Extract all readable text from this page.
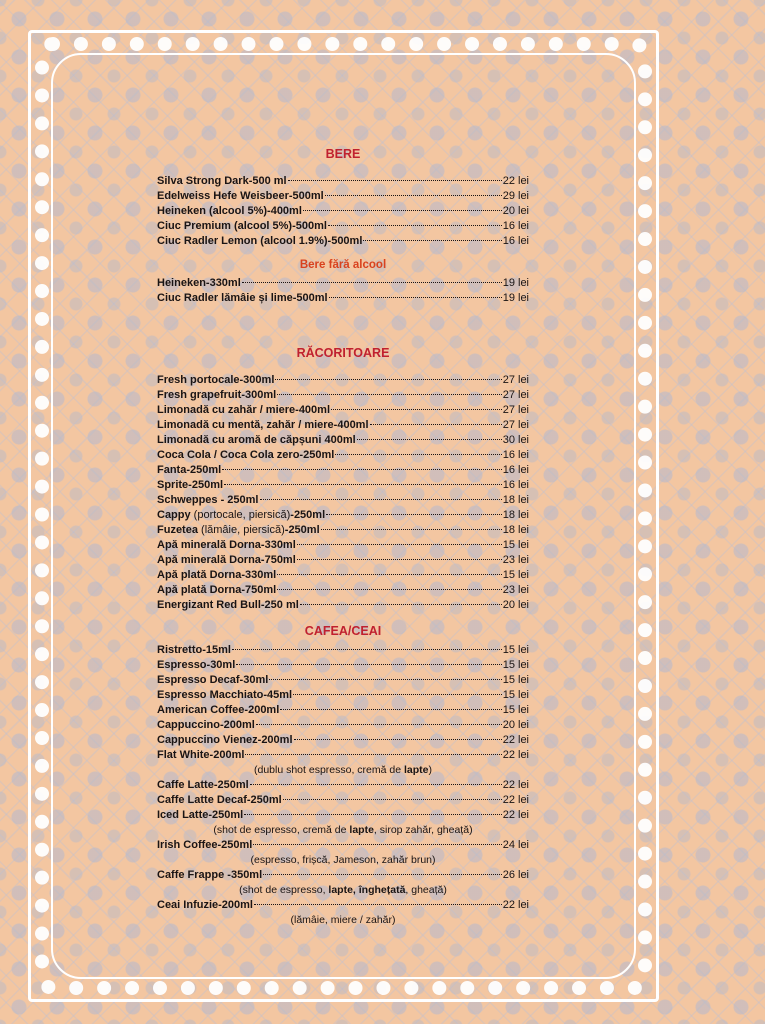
BERE
Silva Strong Dark-500 ml	22 lei
Edelweiss Hefe Weisbeer-500ml	29 lei
Heineken (alcool 5%)-400ml	20 lei
Ciuc Premium (alcool 5%)-500ml	16 lei
Ciuc Radler Lemon (alcool 1.9%)-500ml	16 lei
Bere fără alcool
Heineken-330ml	19 lei
Ciuc Radler lămâie și lime-500ml	19 lei
RĂCORITOARE
Fresh portocale-300ml	27 lei
Fresh grapefruit-300ml	27 lei
Limonadă cu zahăr / miere-400ml	27 lei
Limonadă cu mentă, zahăr / miere-400ml	27 lei
Limonadă cu aromă de căpșuni 400ml	30 lei
Coca Cola / Coca Cola zero-250ml	16 lei
Fanta-250ml	16 lei
Sprite-250ml	16 lei
Schweppes - 250ml	18 lei
Cappy (portocale, piersică)-250ml	18 lei
Fuzetea (lămâie, piersică)-250ml	18 lei
Apă minerală Dorna-330ml	15 lei
Apă minerală Dorna-750ml	23 lei
Apă plată Dorna-330ml	15 lei
Apă plată Dorna-750ml	23 lei
Energizant Red Bull-250 ml	20 lei
CAFEA/CEAI
Ristretto-15ml	15 lei
Espresso-30ml	15 lei
Espresso Decaf-30ml	15 lei
Espresso Macchiato-45ml	15 lei
American Coffee-200ml	15 lei
Cappuccino-200ml	20 lei
Cappuccino Vienez-200ml	22 lei
Flat White-200ml	22 lei
(dublu shot espresso, cremă de lapte)
Caffe Latte-250ml	22 lei
Caffe Latte Decaf-250ml	22 lei
Iced Latte-250ml	22 lei
(shot de espresso, cremă de lapte, sirop zahăr, gheață)
Irish Coffee-250ml	24 lei
(espresso, frișcă, Jameson, zahăr brun)
Caffe Frappe -350ml	26 lei
(shot de espresso, lapte, înghețată, gheață)
Ceai Infuzie-200ml	22 lei
(lămâie, miere / zahăr)
